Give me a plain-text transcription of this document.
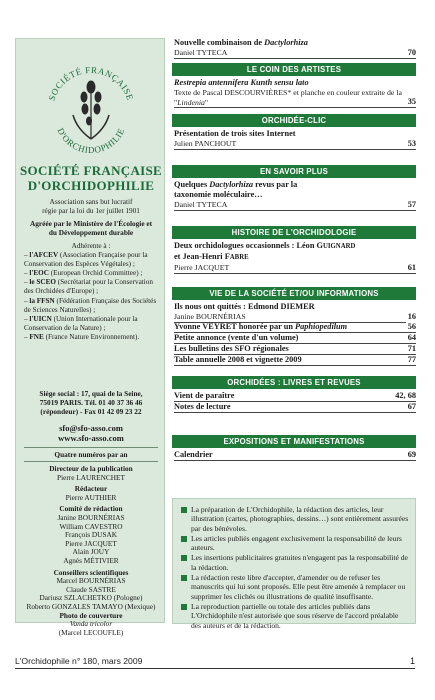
SOCIÉTÉ FRANÇAISE
D'ORCHIDOPHILIE
SOCIÉTÉ FRANÇAISE
D'ORCHIDOPHILIE
Association sans but lucratif
régie par la loi du 1er juillet 1901
Agréée par le Ministère de l'Écologie et
du Développement durable
Adhérente à :
– l'AFCEV (Association Française pour la Conservation des Espèces Végétales) ;
– l'EOC (European Orchid Committee) ;
– le SCEO (Secrétariat pour la Conservation des Orchidées d'Europe) ;
– la FFSN (Fédération Française des Sociétés de Sciences Naturelles) ;
– l'UICN (Union Internationale pour la Conservation de la Nature) ;
– FNE (France Nature Environnement).
Siège social : 17, quai de la Seine,
75019 PARIS. Tél. 01 40 37 36 46
(répondeur) - Fax 01 42 09 23 22
sfo@sfo-asso.com
www.sfo-asso.com
Quatre numéros par an
Directeur de la publication
Pierre LAURENCHET
Rédacteur
Pierre AUTHIER
Comité de rédaction
Janine BOURNÉRIAS
William CAVESTRO
François DUSAK
Pierre JACQUET
Alain JOUY
Agnès MÉTIVIER
Conseillers scientifiques
Marcel BOURNÉRIAS
Claude SASTRE
Dariusz SZLACHETKO (Pologne)
Roberto GONZALES TAMAYO (Mexique)
Photo de couverture
Vanda tricolor
(Marcel LECOUFLE)
Nouvelle combinaison de Dactylorhiza
Daniel TYTECA	70
LE COIN DES ARTISTES
Restrepia antennifera Kunth sensu lato
Texte de Pascal DESCOURVIÈRES* et planche en couleur extraite de la "Lindenia"	35
ORCHIDÉE-CLIC
Présentation de trois sites Internet
Julien PANCHOUT	53
EN SAVOIR PLUS
Quelques Dactylorhiza revus par la
taxonomie moléculaire…
Daniel TYTECA	57
HISTOIRE DE L'ORCHIDOLOGIE
Deux orchidologues occasionnels : Léon GUIGNARD
et Jean-Henri FABRE
Pierre JACQUET	61
VIE DE LA SOCIÉTÉ ET/OU INFORMATIONS
Ils nous ont quittés : Edmond DIEMER
Janine BOURNÉRIAS	16
Yvonne VEYRET honorée par un Paphiopedilum	56
Petite annonce (vente d'un volume)	64
Les bulletins des SFO régionales	71
Table annuelle 2008 et vignette 2009	77
ORCHIDÉES : LIVRES ET REVUES
Vient de paraître	42, 68
Notes de lecture	67
EXPOSITIONS ET MANIFESTATIONS
Calendrier	69
La préparation de L'Orchidophile, la rédaction des articles, leur illustration (cartes, photographies, dessins…) sont entièrement assurées par des bénévoles.
Les articles publiés engagent exclusivement la responsabilité de leurs auteurs.
Les insertions publicitaires gratuites n'engagent pas la responsabilité de la rédaction.
La rédaction reste libre d'accepter, d'amender ou de refuser les manuscrits qui lui sont proposés. Elle peut être amenée à remplacer ou supprimer les clichés ou illustrations de qualité insuffisante.
La reproduction partielle ou totale des articles publiés dans L'Orchidophile n'est autorisée que sous réserve de l'accord préalable des auteurs et de la rédaction.
L'Orchidophile n° 180, mars 2009	1
